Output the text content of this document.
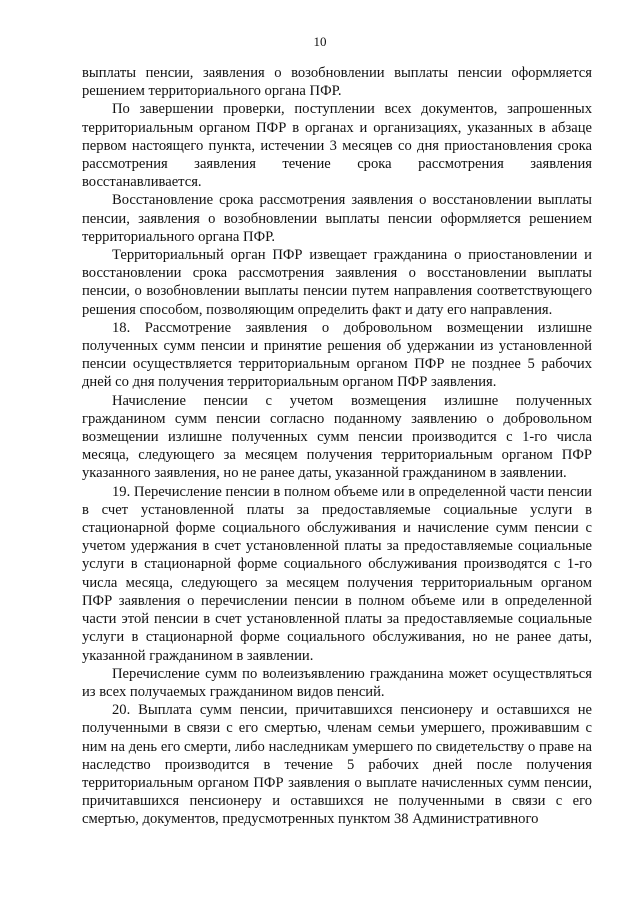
10

выплаты пенсии, заявления о возобновлении выплаты пенсии оформляется решением территориального органа ПФР.

По завершении проверки, поступлении всех документов, запрошенных территориальным органом ПФР в органах и организациях, указанных в абзаце первом настоящего пункта, истечении 3 месяцев со дня приостановления срока рассмотрения заявления течение срока рассмотрения заявления восстанавливается.

Восстановление срока рассмотрения заявления о восстановлении выплаты пенсии, заявления о возобновлении выплаты пенсии оформляется решением территориального органа ПФР.

Территориальный орган ПФР извещает гражданина о приостановлении и восстановлении срока рассмотрения заявления о восстановлении выплаты пенсии, о возобновлении выплаты пенсии путем направления соответствующего решения способом, позволяющим определить факт и дату его направления.

18. Рассмотрение заявления о добровольном возмещении излишне полученных сумм пенсии и принятие решения об удержании из установленной пенсии осуществляется территориальным органом ПФР не позднее 5 рабочих дней со дня получения территориальным органом ПФР заявления.

Начисление пенсии с учетом возмещения излишне полученных гражданином сумм пенсии согласно поданному заявлению о добровольном возмещении излишне полученных сумм пенсии производится с 1-го числа месяца, следующего за месяцем получения территориальным органом ПФР указанного заявления, но не ранее даты, указанной гражданином в заявлении.

19. Перечисление пенсии в полном объеме или в определенной части пенсии в счет установленной платы за предоставляемые социальные услуги в стационарной форме социального обслуживания и начисление сумм пенсии с учетом удержания в счет установленной платы за предоставляемые социальные услуги в стационарной форме социального обслуживания производятся с 1-го числа месяца, следующего за месяцем получения территориальным органом ПФР заявления о перечислении пенсии в полном объеме или в определенной части этой пенсии в счет установленной платы за предоставляемые социальные услуги в стационарной форме социального обслуживания, но не ранее даты, указанной гражданином в заявлении.

Перечисление сумм по волеизъявлению гражданина может осуществляться из всех получаемых гражданином видов пенсий.

20. Выплата сумм пенсии, причитавшихся пенсионеру и оставшихся не полученными в связи с его смертью, членам семьи умершего, проживавшим с ним на день его смерти, либо наследникам умершего по свидетельству о праве на наследство производится в течение 5 рабочих дней после получения территориальным органом ПФР заявления о выплате начисленных сумм пенсии, причитавшихся пенсионеру и оставшихся не полученными в связи с его смертью, документов, предусмотренных пунктом 38 Административного
